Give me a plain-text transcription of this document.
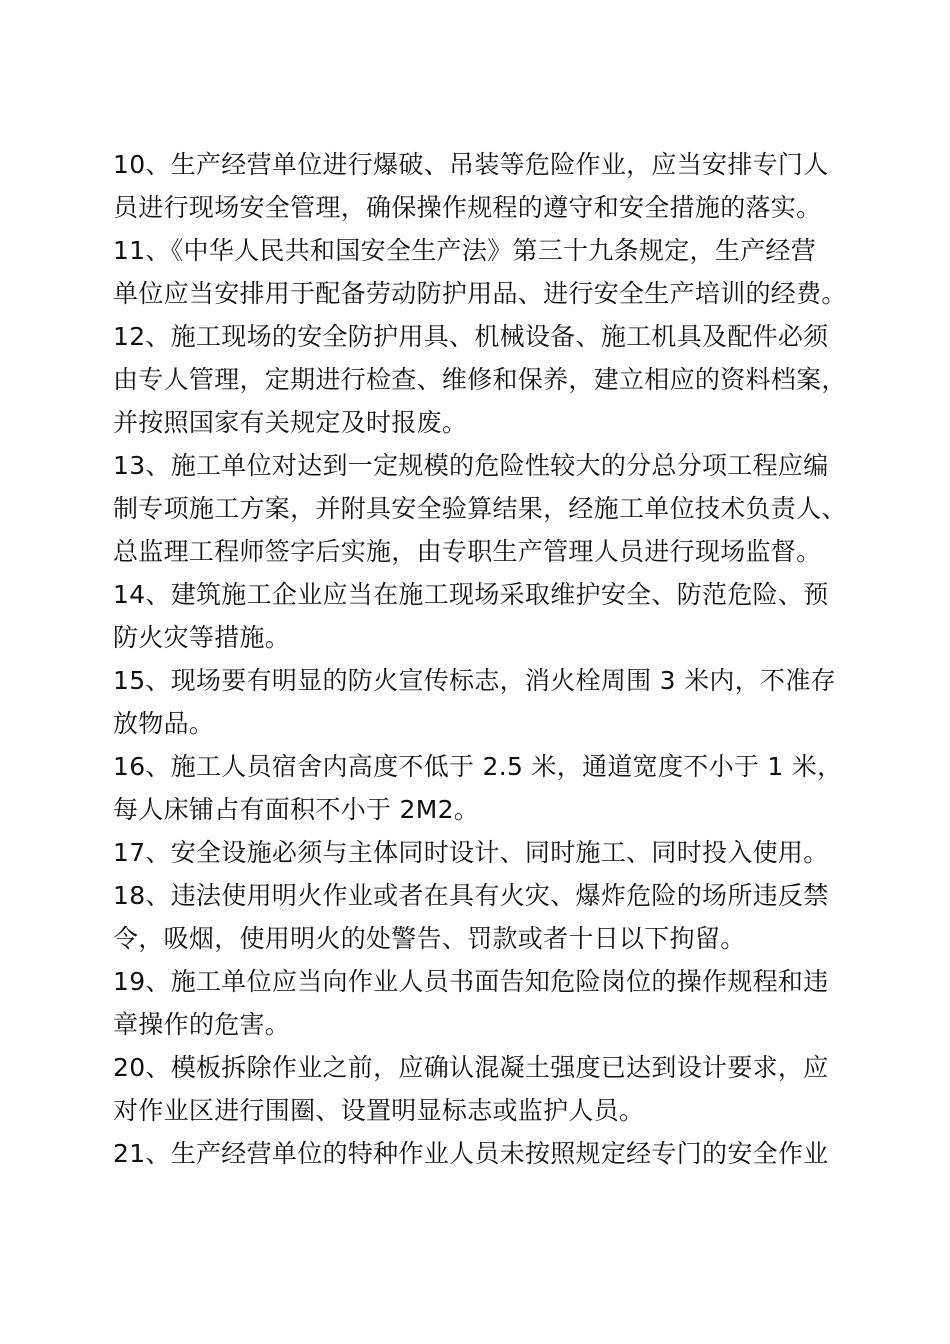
10、生产经营单位进行爆破、吊装等危险作业，应当安排专门人
员进行现场安全管理，确保操作规程的遵守和安全措施的落实。
11、《中华人民共和国安全生产法》第三十九条规定，生产经营
单位应当安排用于配备劳动防护用品、进行安全生产培训的经费。
12、施工现场的安全防护用具、机械设备、施工机具及配件必须
由专人管理，定期进行检查、维修和保养，建立相应的资料档案，
并按照国家有关规定及时报废。
13、施工单位对达到一定规模的危险性较大的分总分项工程应编
制专项施工方案，并附具安全验算结果，经施工单位技术负责人、
总监理工程师签字后实施，由专职生产管理人员进行现场监督。
14、建筑施工企业应当在施工现场采取维护安全、防范危险、预
防火灾等措施。
15、现场要有明显的防火宣传标志，消火栓周围 3 米内，不准存
放物品。
16、施工人员宿舍内高度不低于 2.5 米，通道宽度不小于 1 米，
每人床铺占有面积不小于 2M2。
17、安全设施必须与主体同时设计、同时施工、同时投入使用。
18、违法使用明火作业或者在具有火灾、爆炸危险的场所违反禁
令，吸烟，使用明火的处警告、罚款或者十日以下拘留。
19、施工单位应当向作业人员书面告知危险岗位的操作规程和违
章操作的危害。
20、模板拆除作业之前，应确认混凝土强度已达到设计要求，应
对作业区进行围圈、设置明显标志或监护人员。
21、生产经营单位的特种作业人员未按照规定经专门的安全作业
